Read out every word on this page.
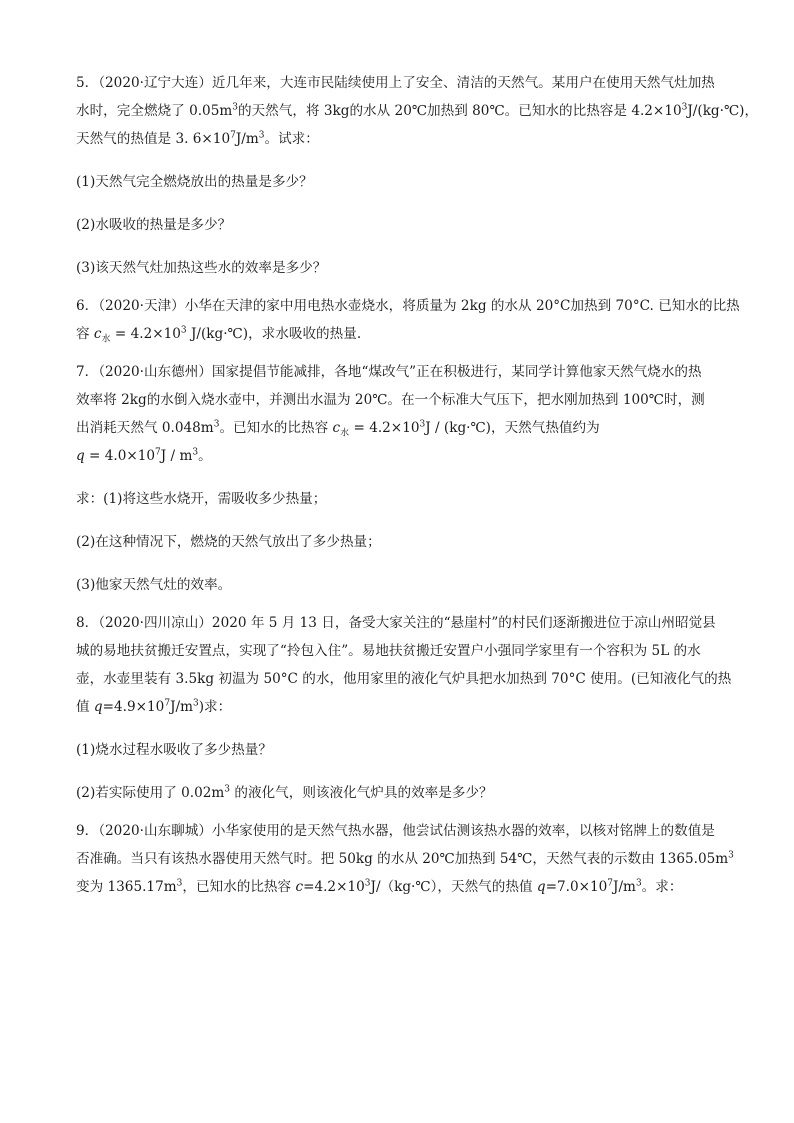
5．（2020·辽宁大连）近几年来，大连市民陆续使用上了安全、清洁的天然气。某用户在使用天然气灶加热

水时，完全燃烧了 $0.05m^3$的天然气，将 3kg的水从 20℃加热到 80℃。已知水的比热容是 $4.2\times 10^3J/(kg\cdot℃)$，

天然气的热值是 3. $6\times 10^7J/m^3$。试求：

(1)天然气完全燃烧放出的热量是多少？

(2)水吸收的热量是多少？

(3)该天然气灶加热这些水的效率是多少？

6．（2020·天津）小华在天津的家中用电热水壶烧水，将质量为 2kg 的水从 20°C加热到 70°C. 已知水的比热

容 $c_水 = 4.2\times 10^3$ J/(kg·℃)，求水吸收的热量.

7．（2020·山东德州）国家提倡节能减排，各地“煤改气”正在积极进行，某同学计算他家天然气烧水的热

效率将 2kg的水倒入烧水壶中，并测出水温为 20℃。在一个标准大气压下，把水刚加热到 100℃时，测

出消耗天然气 $0.048m^3$。已知水的比热容 $c_水 = 4.2\times 10^3J$ / (kg·℃)，天然气热值约为

$q = 4.0\times 10^7J / m^3$。

求：(1)将这些水烧开，需吸收多少热量；

(2)在这种情况下，燃烧的天然气放出了多少热量；

(3)他家天然气灶的效率。

8．（2020·四川凉山）2020 年 5 月 13 日，备受大家关注的“悬崖村”的村民们逐渐搬进位于凉山州昭觉县

城的易地扶贫搬迁安置点，实现了“拎包入住”。易地扶贫搬迁安置户小强同学家里有一个容积为 5L 的水

壶，水壶里装有 3.5kg 初温为 50°C 的水，他用家里的液化气炉具把水加热到 70°C 使用。(已知液化气的热

值 $q=4.9\times 10^7J/m^3$)求：

(1)烧水过程水吸收了多少热量？

(2)若实际使用了 $0.02m^3$ 的液化气，则该液化气炉具的效率是多少？

9．（2020·山东聊城）小华家使用的是天然气热水器，他尝试估测该热水器的效率，以核对铭牌上的数值是

否准确。当只有该热水器使用天然气时。把 50kg 的水从 20℃加热到 54℃，天然气表的示数由 $1365.05m^3$

变为 $1365.17m^3$，已知水的比热容 $c=4.2\times 10^3J/(kg\cdot℃)$，天然气的热值 $q=7.0\times 10^7J/m^3$。求：
